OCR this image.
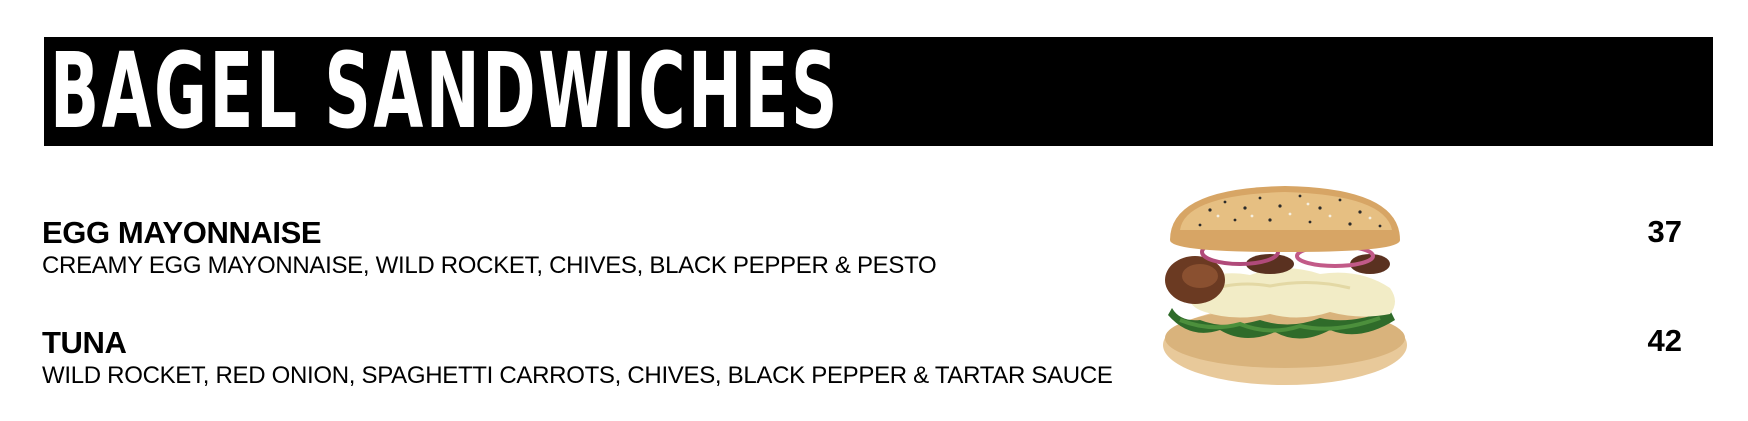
BAGEL SANDWICHES
EGG MAYONNAISE
CREAMY EGG MAYONNAISE, WILD ROCKET, CHIVES, BLACK PEPPER & PESTO
37
TUNA
WILD ROCKET, RED ONION, SPAGHETTI CARROTS, CHIVES, BLACK PEPPER & TARTAR SAUCE
42
